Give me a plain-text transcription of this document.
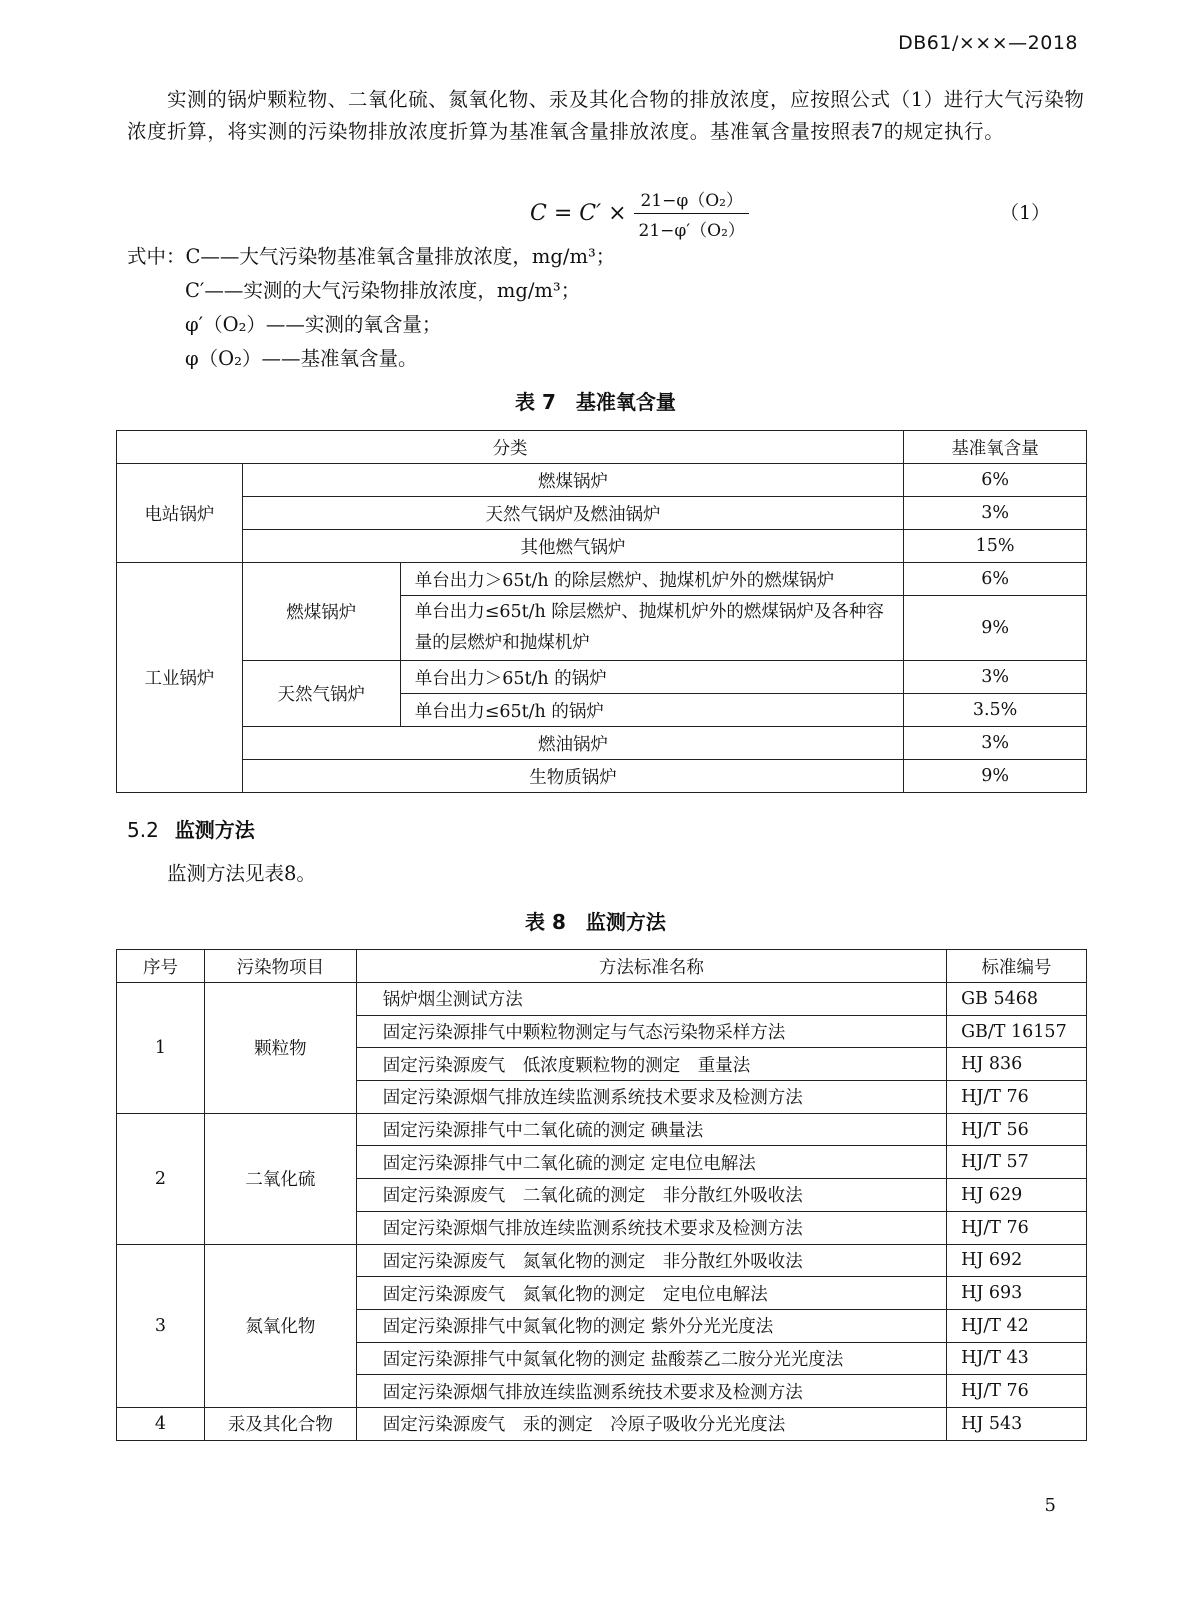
DB61/×××—2018
实测的锅炉颗粒物、二氧化硫、氮氧化物、汞及其化合物的排放浓度，应按照公式（1）进行大气污染物浓度折算，将实测的污染物排放浓度折算为基准氧含量排放浓度。基准氧含量按照表7的规定执行。
$C = C' \times \frac{\text{21−φ（O₂）}}{\text{21−φ′（O₂）}}$	（1）
式中：C——大气污染物基准氧含量排放浓度，mg/m³；
C′——实测的大气污染物排放浓度，mg/m³；
φ′（O₂）——实测的氧含量；
φ（O₂）——基准氧含量。
表 7　基准氧含量
分类			基准氧含量
电站锅炉	燃煤锅炉		6%
	天然气锅炉及燃油锅炉		3%
	其他燃气锅炉		15%
工业锅炉	燃煤锅炉	单台出力＞65t/h 的除层燃炉、抛煤机炉外的燃煤锅炉	6%
		单台出力≤65t/h 除层燃炉、抛煤机炉外的燃煤锅炉及各种容量的层燃炉和抛煤机炉	9%
	天然气锅炉	单台出力＞65t/h 的锅炉	3%
		单台出力≤65t/h 的锅炉	3.5%
	燃油锅炉		3%
	生物质锅炉		9%
5.2 监测方法
监测方法见表8。
表 8　监测方法
序号	污染物项目	方法标准名称	标准编号
1	颗粒物	锅炉烟尘测试方法	GB 5468
		固定污染源排气中颗粒物测定与气态污染物采样方法	GB/T 16157
		固定污染源废气　低浓度颗粒物的测定　重量法	HJ 836
		固定污染源烟气排放连续监测系统技术要求及检测方法	HJ/T 76
2	二氧化硫	固定污染源排气中二氧化硫的测定 碘量法	HJ/T 56
		固定污染源排气中二氧化硫的测定 定电位电解法	HJ/T 57
		固定污染源废气　二氧化硫的测定　非分散红外吸收法	HJ 629
		固定污染源烟气排放连续监测系统技术要求及检测方法	HJ/T 76
3	氮氧化物	固定污染源废气　氮氧化物的测定　非分散红外吸收法	HJ 692
		固定污染源废气　氮氧化物的测定　定电位电解法	HJ 693
		固定污染源排气中氮氧化物的测定 紫外分光光度法	HJ/T 42
		固定污染源排气中氮氧化物的测定 盐酸萘乙二胺分光光度法	HJ/T 43
		固定污染源烟气排放连续监测系统技术要求及检测方法	HJ/T 76
4	汞及其化合物	固定污染源废气　汞的测定　冷原子吸收分光光度法	HJ 543
5
